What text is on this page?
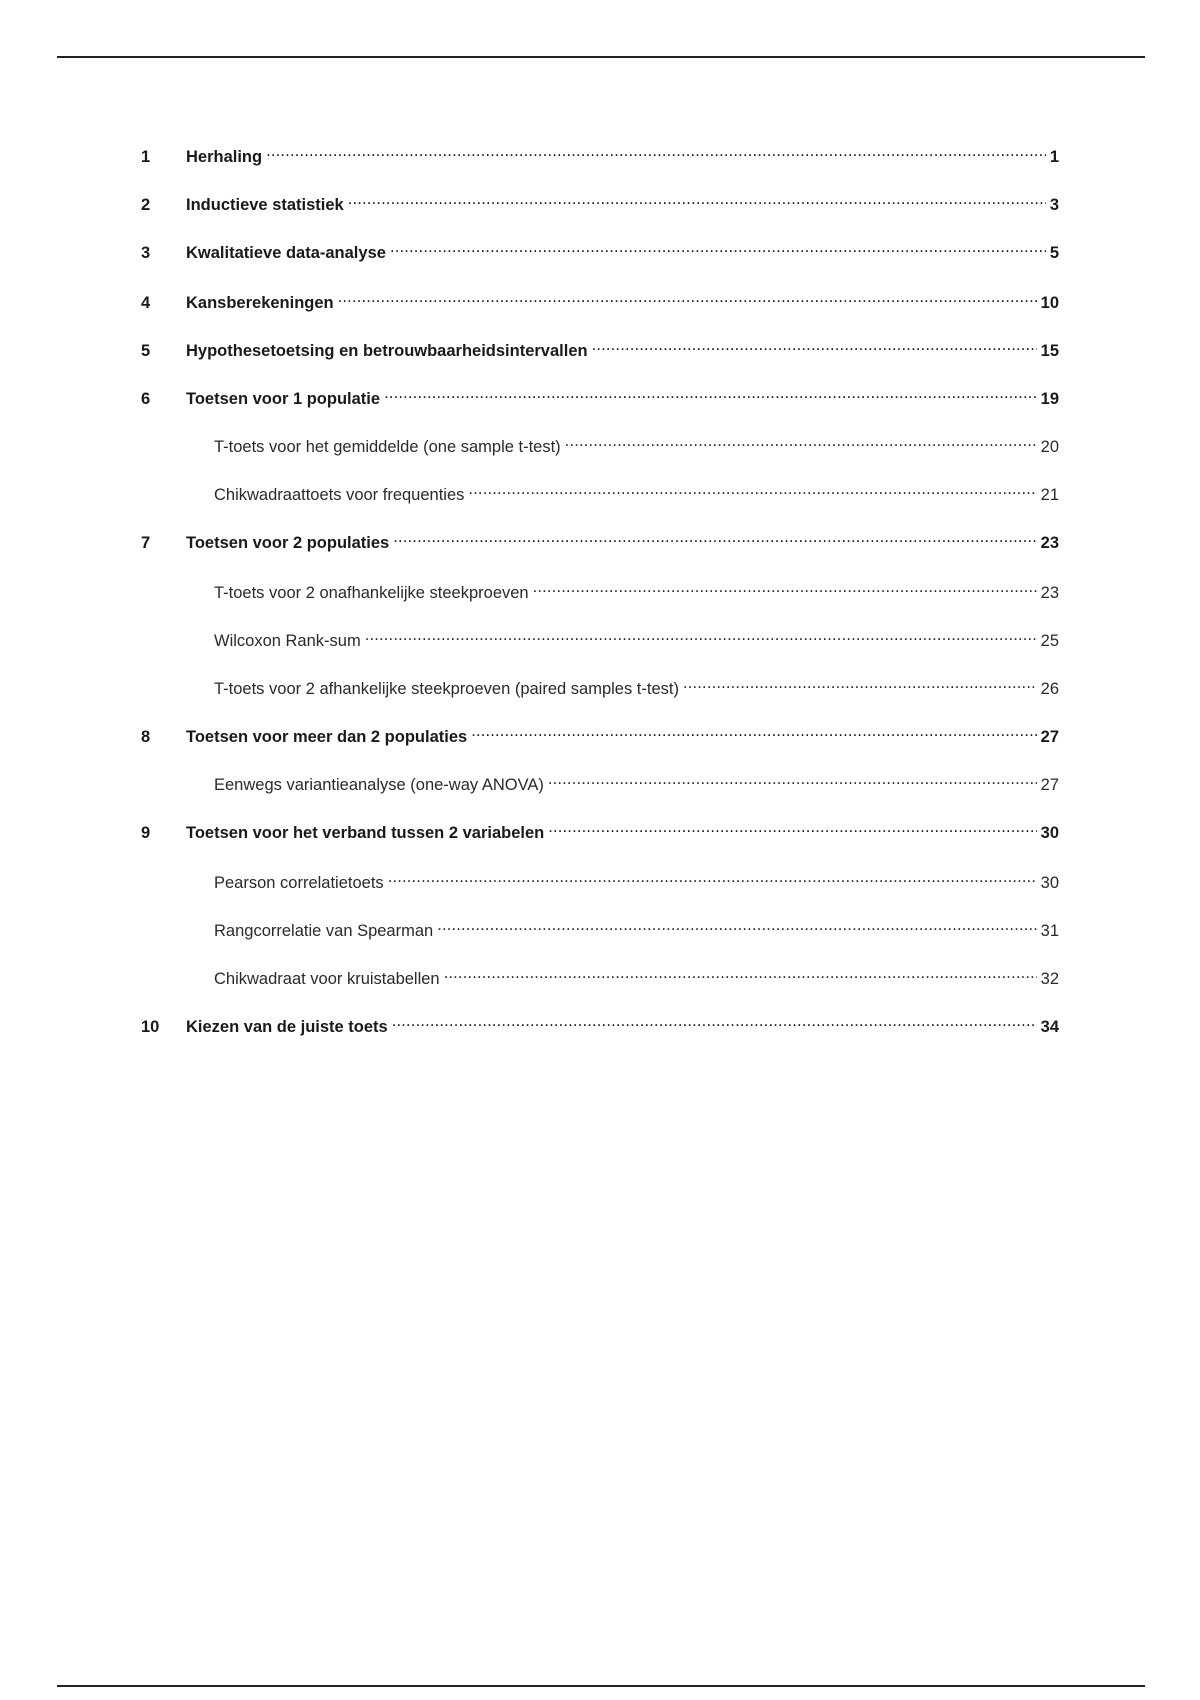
1	Herhaling . . .	1
2	Inductieve statistiek . . .	3
3	Kwalitatieve data-analyse . . .	5
4	Kansberekeningen . . .	10
5	Hypothesetoetsing en betrouwbaarheidsintervallen . . .	15
6	Toetsen voor 1 populatie . . .	19
T-toets voor het gemiddelde (one sample t-test) . . .	20
Chikwadraattoets voor frequenties . . .	21
7	Toetsen voor 2 populaties . . .	23
T-toets voor 2 onafhankelijke steekproeven . . .	23
Wilcoxon Rank-sum . . .	25
T-toets voor 2 afhankelijke steekproeven (paired samples t-test) . . .	26
8	Toetsen voor meer dan 2 populaties . . .	27
Eenwegs variantieanalyse (one-way ANOVA) . . .	27
9	Toetsen voor het verband tussen 2 variabelen . . .	30
Pearson correlatietoets . . .	30
Rangcorrelatie van Spearman . . .	31
Chikwadraat voor kruistabellen . . .	32
10	Kiezen van de juiste toets . . .	34
